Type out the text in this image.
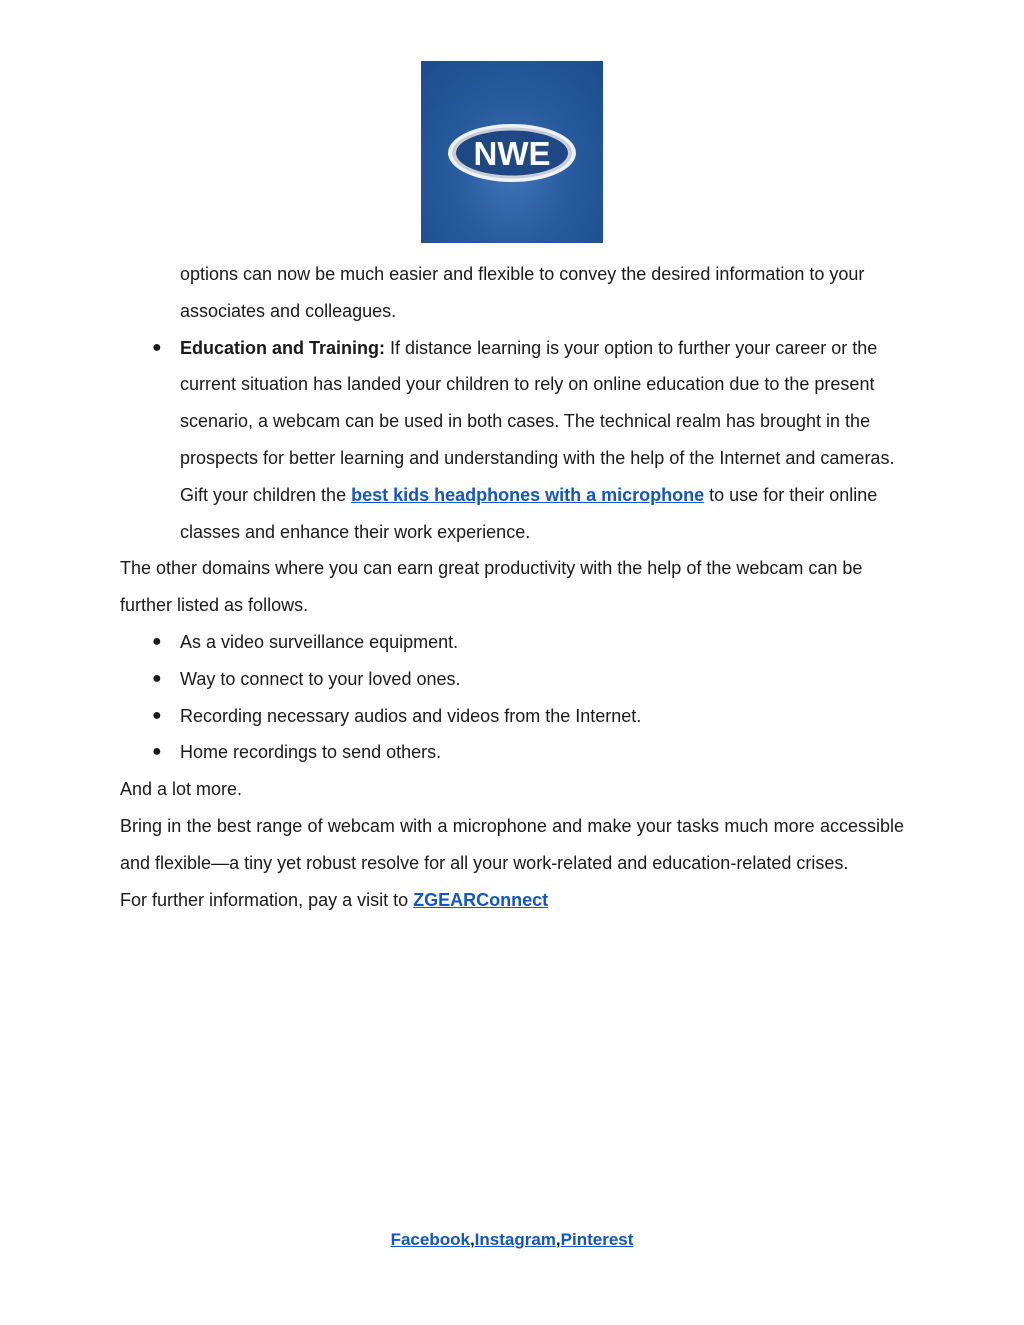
NWE

options can now be much easier and flexible to convey the desired information to your
associates and colleagues.

● Education and Training: If distance learning is your option to further your career or the current situation has landed your children to rely on online education due to the present scenario, a webcam can be used in both cases. The technical realm has brought in the prospects for better learning and understanding with the help of the Internet and cameras. Gift your children the best kids headphones with a microphone to use for their online classes and enhance their work experience.

The other domains where you can earn great productivity with the help of the webcam can be further listed as follows.

● As a video surveillance equipment.
● Way to connect to your loved ones.
● Recording necessary audios and videos from the Internet.
● Home recordings to send others.

And a lot more.

Bring in the best range of webcam with a microphone and make your tasks much more accessible and flexible—a tiny yet robust resolve for all your work-related and education-related crises.

For further information, pay a visit to ZGEARConnect

Facebook,Instagram,Pinterest
